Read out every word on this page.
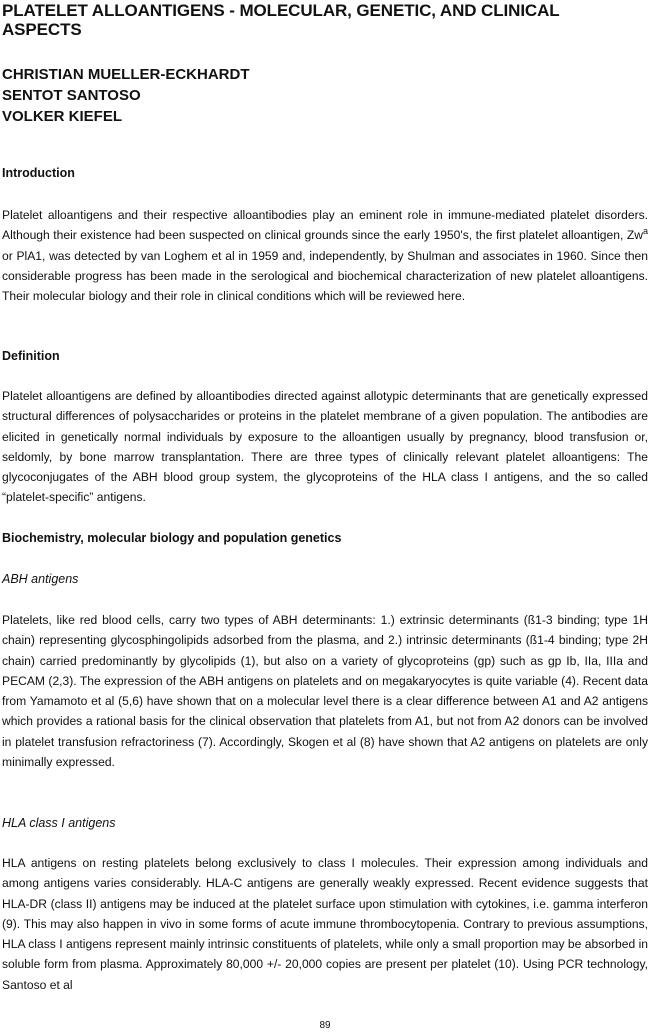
PLATELET ALLOANTIGENS - MOLECULAR, GENETIC, AND CLINICAL ASPECTS
CHRISTIAN MUELLER-ECKHARDT
SENTOT SANTOSO
VOLKER KIEFEL
Introduction

Platelet alloantigens and their respective alloantibodies play an eminent role in immune-mediated platelet disorders. Although their existence had been suspected on clinical grounds since the early 1950's, the first platelet alloantigen, Zw$^a$ or PlA1, was detected by van Loghem et al in 1959 and, independently, by Shulman and associates in 1960. Since then considerable progress has been made in the serological and biochemical characterization of new platelet alloantigens. Their molecular biology and their role in clinical conditions which will be reviewed here.

Definition

Platelet alloantigens are defined by alloantibodies directed against allotypic determinants that are genetically expressed structural differences of polysaccharides or proteins in the platelet membrane of a given population. The antibodies are elicited in genetically normal individuals by exposure to the alloantigen usually by pregnancy, blood transfusion or, seldomly, by bone marrow transplantation. There are three types of clinically relevant platelet alloantigens: The glycoconjugates of the ABH blood group system, the glycoproteins of the HLA class I antigens, and the so called “platelet-specific” antigens.

Biochemistry, molecular biology and population genetics
ABH antigens

Platelets, like red blood cells, carry two types of ABH determinants: 1.) extrinsic determinants (ß1-3 binding; type 1H chain) representing glycosphingolipids adsorbed from the plasma, and 2.) intrinsic determinants (ß1-4 binding; type 2H chain) carried predominantly by glycolipids (1), but also on a variety of glycoproteins (gp) such as gp Ib, IIa, IIIa and PECAM (2,3). The expression of the ABH antigens on platelets and on megakaryocytes is quite variable (4). Recent data from Yamamoto et al (5,6) have shown that on a molecular level there is a clear difference between A1 and A2 antigens which provides a rational basis for the clinical observation that platelets from A1, but not from A2 donors can be involved in platelet transfusion refractoriness (7). Accordingly, Skogen et al (8) have shown that A2 antigens on platelets are only minimally expressed.

HLA class I antigens

HLA antigens on resting platelets belong exclusively to class I molecules. Their expression among individuals and among antigens varies considerably. HLA-C antigens are generally weakly expressed. Recent evidence suggests that HLA-DR (class II) antigens may be induced at the platelet surface upon stimulation with cytokines, i.e. gamma interferon (9). This may also happen in vivo in some forms of acute immune thrombocytopenia. Contrary to previous assumptions, HLA class I antigens represent mainly intrinsic constituents of platelets, while only a small proportion may be absorbed in soluble form from plasma. Approximately 80,000 +/- 20,000 copies are present per platelet (10). Using PCR technology, Santoso et al

89
